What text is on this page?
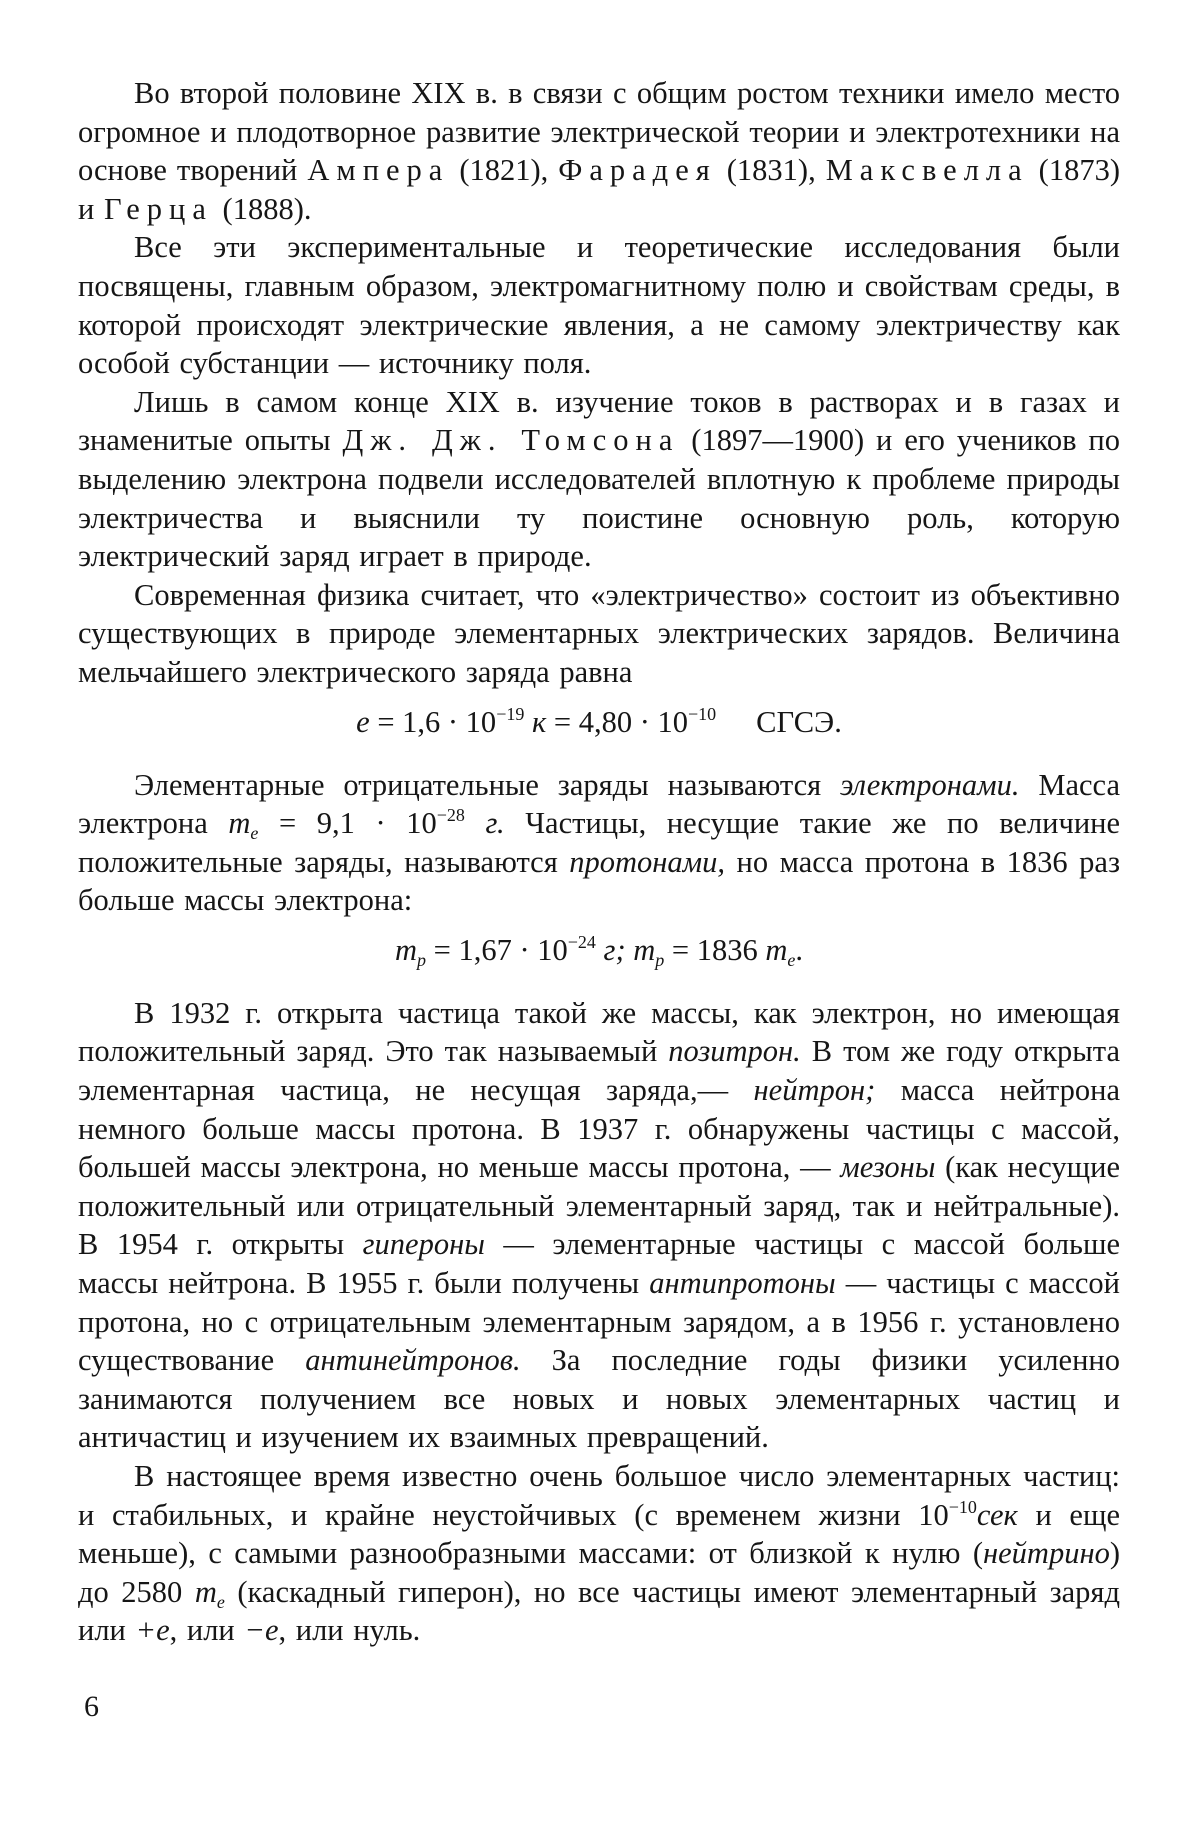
Во второй половине XIX в. в связи с общим ростом техники имело место огромное и плодотворное развитие электрической теории и электротехники на основе творений Ампера (1821), Фарадея (1831), Максвелла (1873) и Герца (1888).

Все эти экспериментальные и теоретические исследования были посвящены, главным образом, электромагнитному полю и свойствам среды, в которой происходят электрические явления, а не самому электричеству как особой субстанции — источнику поля.

Лишь в самом конце XIX в. изучение токов в растворах и в газах и знаменитые опыты Дж. Дж. Томсона (1897—1900) и его учеников по выделению электрона подвели исследователей вплотную к проблеме природы электричества и выяснили ту поистине основную роль, которую электрический заряд играет в природе.

Современная физика считает, что «электричество» состоит из объективно существующих в природе элементарных электрических зарядов. Величина мельчайшего электрического заряда равна

$e = 1,6 \cdot 10^{-19}$ $к = 4,80 \cdot 10^{-10}$ СГСЭ.

Элементарные отрицательные заряды называются электронами. Масса электрона $m_e = 9,1 \cdot 10^{-28}$ г. Частицы, несущие такие же по величине положительные заряды, называются протонами, но масса протона в 1836 раз больше массы электрона:

$m_p = 1,67 \cdot 10^{-24}$ г; $m_p = 1836$ $m_e$.

В 1932 г. открыта частица такой же массы, как электрон, но имеющая положительный заряд. Это так называемый позитрон. В том же году открыта элементарная частица, не несущая заряда,— нейтрон; масса нейтрона немного больше массы протона. В 1937 г. обнаружены частицы с массой, большей массы электрона, но меньше массы протона, — мезоны (как несущие положительный или отрицательный элементарный заряд, так и нейтральные). В 1954 г. открыты гипероны — элементарные частицы с массой больше массы нейтрона. В 1955 г. были получены антипротоны — частицы с массой протона, но с отрицательным элементарным зарядом, а в 1956 г. установлено существование антинейтронов. За последние годы физики усиленно занимаются получением все новых и новых элементарных частиц и античастиц и изучением их взаимных превращений.

В настоящее время известно очень большое число элементарных частиц: и стабильных, и крайне неустойчивых (с временем жизни $10^{-10}сек$ и еще меньше), с самыми разнообразными массами: от близкой к нулю (нейтрино) до 2580 $m_e$ (каскадный гиперон), но все частицы имеют элементарный заряд или +e, или −e, или нуль.

6
